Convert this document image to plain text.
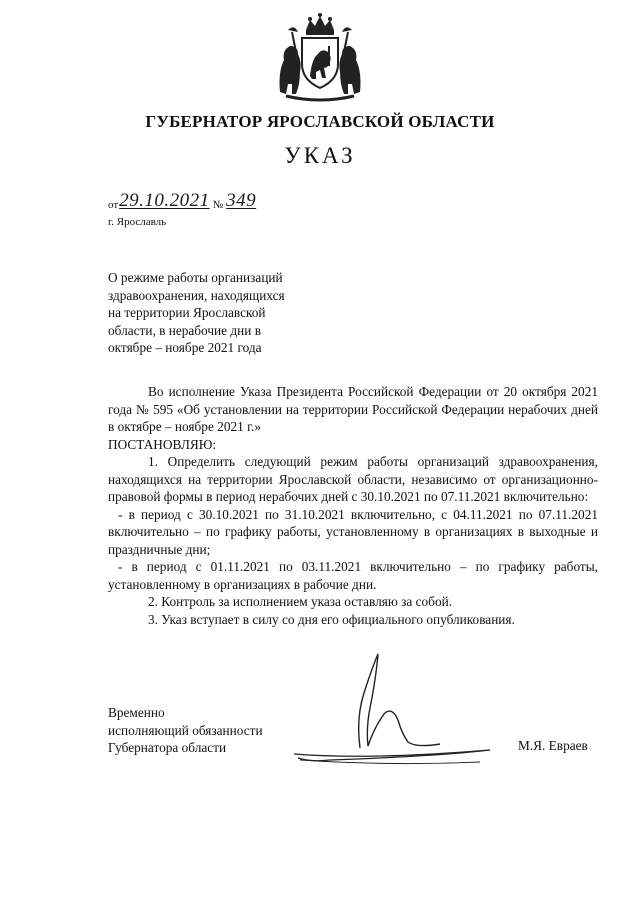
ГУБЕРНАТОР ЯРОСЛАВСКОЙ ОБЛАСТИ
УКАЗ
от 29.10.2021 № 349
г. Ярославль
О режиме работы организаций
здравоохранения, находящихся
на территории Ярославской
области, в нерабочие дни в
октябре – ноябре 2021 года

Во исполнение Указа Президента Российской Федерации от 20 октября 2021 года № 595 «Об установлении на территории Российской Федерации нерабочих дней в октябре – ноябре 2021 г.»

ПОСТАНОВЛЯЮ:

1. Определить следующий режим работы организаций здравоохранения, находящихся на территории Ярославской области, независимо от организационно-правовой формы в период нерабочих дней с 30.10.2021 по 07.11.2021 включительно:

- в период с 30.10.2021 по 31.10.2021 включительно, с 04.11.2021 по 07.11.2021 включительно – по графику работы, установленному в организациях в выходные и праздничные дни;

- в период с 01.11.2021 по 03.11.2021 включительно – по графику работы, установленному в организациях в рабочие дни.

2. Контроль за исполнением указа оставляю за собой.

3. Указ вступает в силу со дня его официального опубликования.

Временно
исполняющий обязанности
Губернатора области	М.Я. Евраев
